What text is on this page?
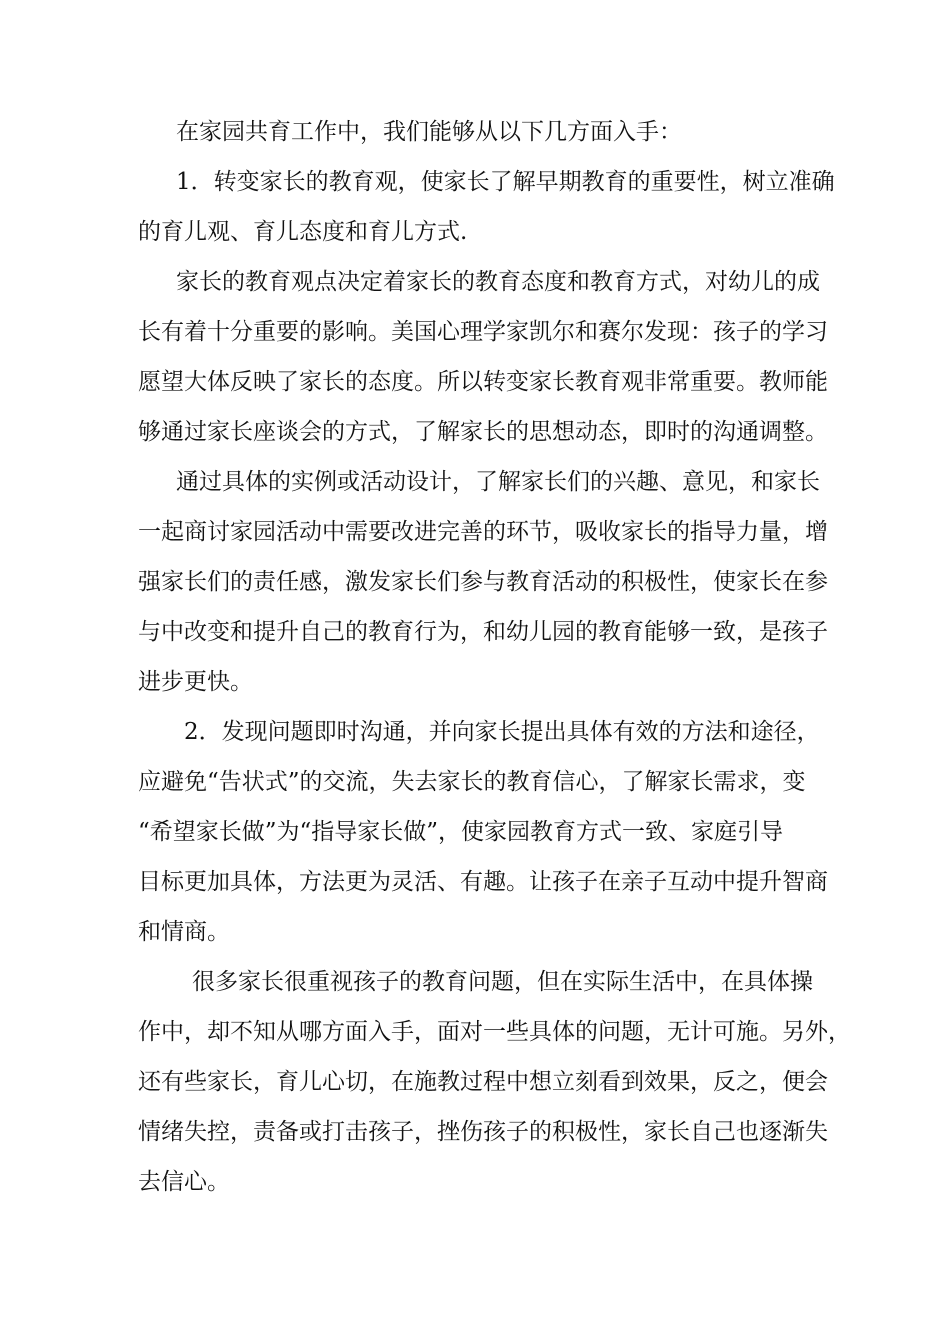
在家园共育工作中，我们能够从以下几方面入手：
1．转变家长的教育观，使家长了解早期教育的重要性，树立准确
的育儿观、育儿态度和育儿方式.
家长的教育观点决定着家长的教育态度和教育方式，对幼儿的成
长有着十分重要的影响。美国心理学家凯尔和赛尔发现：孩子的学习
愿望大体反映了家长的态度。所以转变家长教育观非常重要。教师能
够通过家长座谈会的方式，了解家长的思想动态，即时的沟通调整。
通过具体的实例或活动设计，了解家长们的兴趣、意见，和家长
一起商讨家园活动中需要改进完善的环节，吸收家长的指导力量，增
强家长们的责任感，激发家长们参与教育活动的积极性，使家长在参
与中改变和提升自己的教育行为，和幼儿园的教育能够一致，是孩子
进步更快。
2．发现问题即时沟通，并向家长提出具体有效的方法和途径，
应避免“告状式”的交流，失去家长的教育信心，了解家长需求，变
“希望家长做”为“指导家长做”，使家园教育方式一致、家庭引导
目标更加具体，方法更为灵活、有趣。让孩子在亲子互动中提升智商
和情商。
很多家长很重视孩子的教育问题，但在实际生活中，在具体操
作中，却不知从哪方面入手，面对一些具体的问题，无计可施。另外，
还有些家长，育儿心切，在施教过程中想立刻看到效果，反之，便会
情绪失控，责备或打击孩子，挫伤孩子的积极性，家长自己也逐渐失
去信心。
